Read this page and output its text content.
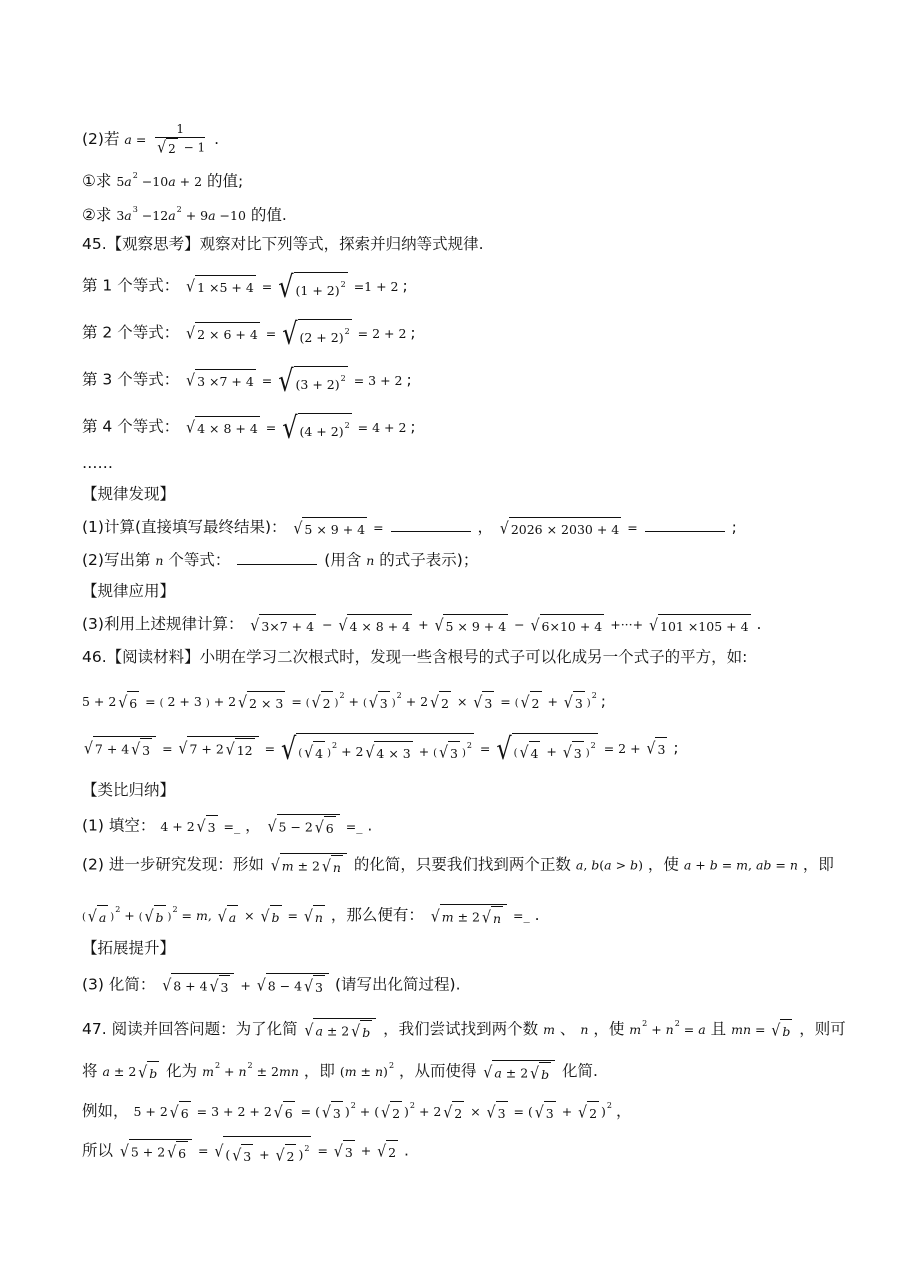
(2)若 $a = \frac{1}{√ 2 - 1}$ .
①求 $5a^2 -10a + 2$ 的值;
②求 $3a^3 -12a^2 + 9a -10$ 的值.
45.【观察思考】观察对比下列等式，探索并归纳等式规律.
第 1 个等式： √ 1 ×5 + 4 = √ $(1 + 2)^2 =1 + 2$ ;
第 2 个等式： √ 2 × 6 + 4 = √ $(2 + 2)^2 = 2 + 2$ ;
第 3 个等式： √ 3 ×7 + 4 = √ $(3 + 2)^2 = 3 + 2$ ;
第 4 个等式： √ 4 × 8 + 4 = √ $(4 + 2)^2 = 4 + 2$ ;
……
【规律发现】
(1)计算(直接填写最终结果)： √ 5 × 9 + 4 =	， √ 2026 × 2030 + 4 =	;
(2)写出第 n 个等式：	(用含 n 的式子表示)；
【规律应用】
(3)利用上述规律计算： √ 3×7 + 4 − √ 4 × 8 + 4 + √ 5 × 9 + 4 − √ 6×10 + 4 +···+ √ 101 ×105 + 4 .
46.【阅读材料】小明在学习二次根式时，发现一些含根号的式子可以化成另一个式子的平方，如:
5 + 2 √ 6 = ( 2 + 3 ) + 2 √ 2 × 3 = ( √ 2 )$^2$ + ( √ 3 )$^2$ + 2 √ 2 × √ 3 = ( √ 2 + √ 3 )$^2$ ;
√ 7 + 4 √ 3 = √ 7 + 2 √ 12 = √ ( √ 4 )$^2$ + 2 √ 4 × 3 + ( √ 3 )$^2$ = √ ( √ 4 + √ 3 )$^2$ = 2 + √ 3 ;
【类比归纳】
(1) 填空： 4 + 2 √ 3 =_ ， √ 5 − 2 √ 6 =_ .
(2) 进一步研究发现：形如 √ m ± 2 √ n 的化简，只要我们找到两个正数 a, b(a > b) ，使 a + b = m, ab = n ，即
( √ a )$^2$ + ( √ b )$^2$ = m, √ a × √ b = √ n ，那么便有： √ m ± 2 √ n =_ .
【拓展提升】
(3) 化简： √ 8 + 4 √ 3 + √ 8 − 4 √ 3 (请写出化简过程).
47. 阅读并回答问题：为了化简 √ a ± 2 √ b ，我们尝试找到两个数 m 、 n ，使 $m^2 + n^2 = a$ 且 mn = √ b ，则可
将 a ± 2 √ b 化为 $m^2 + n^2 \pm 2mn$ ，即 $(m \pm n)^2$ ，从而使得 √ a ± 2 √ b 化简.
例如， 5 + 2 √ 6 = 3 + 2 + 2 √ 6 = ( √ 3 )$^2$ + ( √ 2 )$^2$ + 2 √ 2 × √ 3 = ( √ 3 + √ 2 )$^2$ ，
所以 √ 5 + 2 √ 6 = √ ( √ 3 + √ 2 )$^2$ = √ 3 + √ 2 .
